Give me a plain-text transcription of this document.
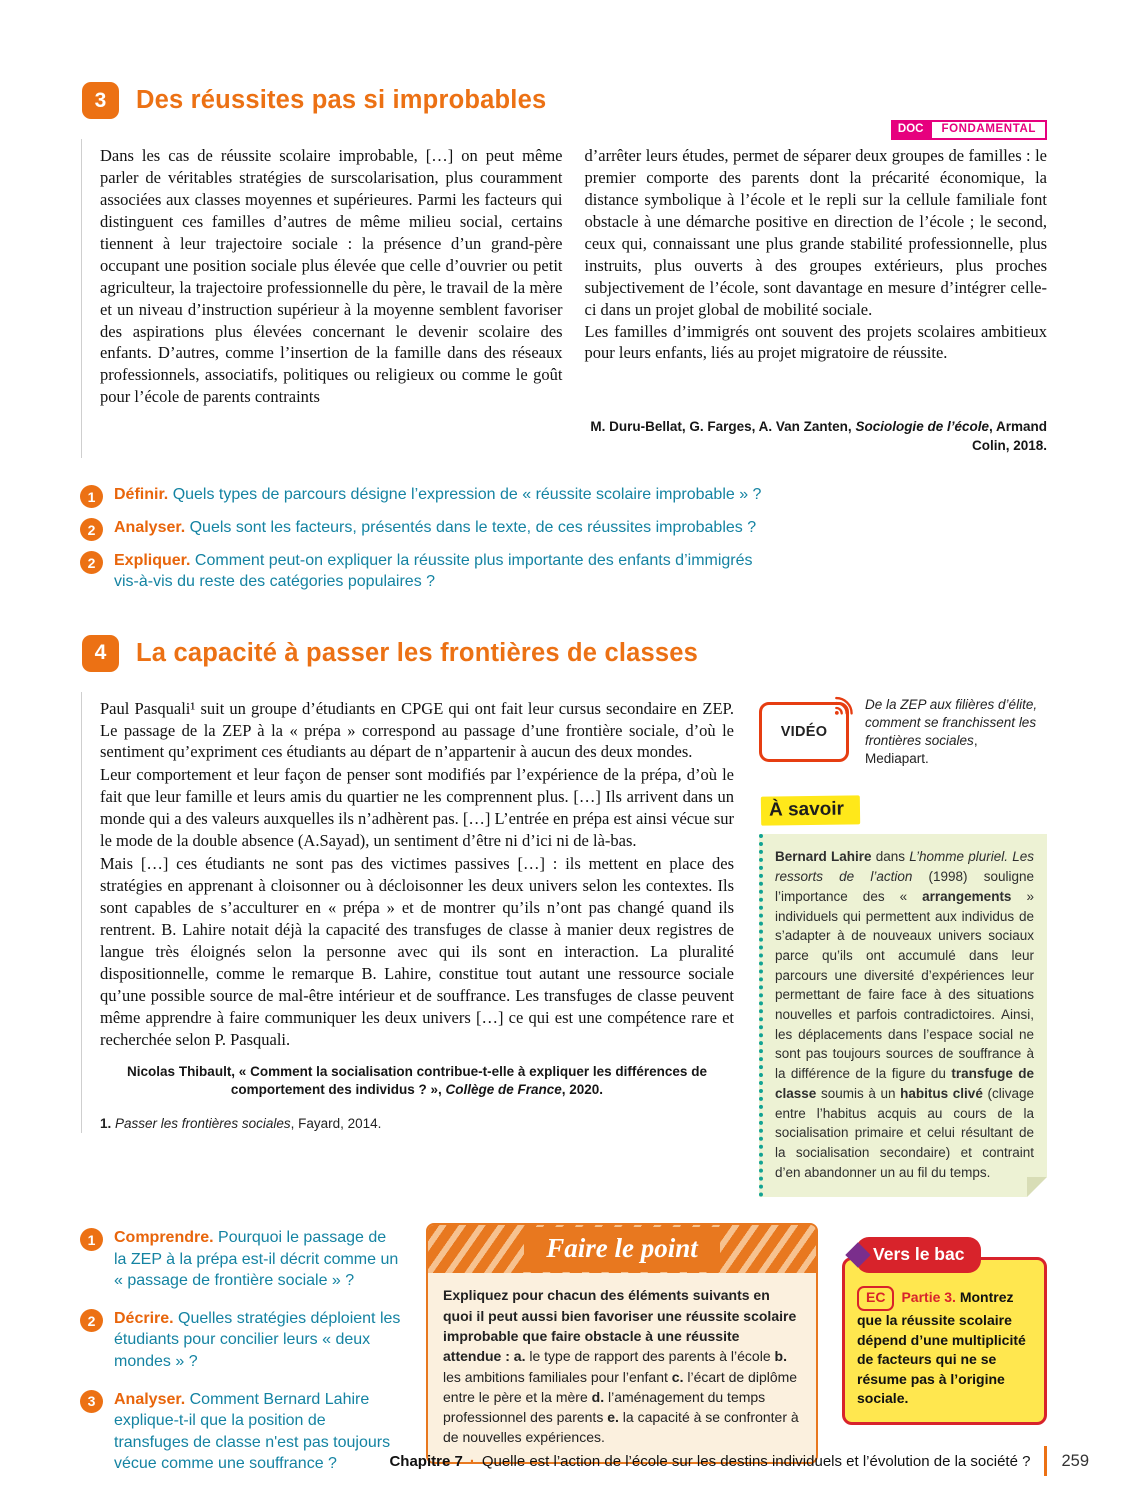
3	Des réussites pas si improbables
DOC	FONDAMENTAL

Dans les cas de réussite scolaire improbable, […] on peut même parler de véritables stratégies de surscolarisation, plus couramment associées aux classes moyennes et supérieures. Parmi les facteurs qui distinguent ces familles d’autres de même milieu social, certains tiennent à leur trajectoire sociale : la présence d’un grand-père occupant une position sociale plus élevée que celle d’ouvrier ou petit agriculteur, la trajectoire professionnelle du père, le travail de la mère et un niveau d’instruction supérieur à la moyenne semblent favoriser des aspirations plus élevées concernant le devenir scolaire des enfants. D’autres, comme l’insertion de la famille dans des réseaux professionnels, associatifs, politiques ou religieux ou comme le goût pour l’école de parents contraints

d’arrêter leurs études, permet de séparer deux groupes de familles : le premier comporte des parents dont la précarité économique, la distance symbolique à l’école et le repli sur la cellule familiale font obstacle à une démarche positive en direction de l’école ; le second, ceux qui, connaissant une plus grande stabilité professionnelle, plus instruits, plus ouverts à des groupes extérieurs, plus proches subjectivement de l’école, sont davantage en mesure d’intégrer celle-ci dans un projet global de mobilité sociale.

Les familles d’immigrés ont souvent des projets scolaires ambitieux pour leurs enfants, liés au projet migratoire de réussite.

M. Duru-Bellat, G. Farges, A. Van Zanten, Sociologie de l’école, Armand Colin, 2018.
1	Définir. Quels types de parcours désigne l’expression de « réussite scolaire improbable » ?
2	Analyser. Quels sont les facteurs, présentés dans le texte, de ces réussites improbables ?
2	Expliquer. Comment peut-on expliquer la réussite plus importante des enfants d’immigrés vis-à-vis du reste des catégories populaires ?
4	La capacité à passer les frontières de classes

Paul Pasquali¹ suit un groupe d’étudiants en CPGE qui ont fait leur cursus secondaire en ZEP. Le passage de la ZEP à la « prépa » correspond au passage d’une frontière sociale, d’où le sentiment qu’expriment ces étudiants au départ de n’appartenir à aucun des deux mondes.

Leur comportement et leur façon de penser sont modifiés par l’expérience de la prépa, d’où le fait que leur famille et leurs amis du quartier ne les comprennent plus. […] Ils arrivent dans un monde qui a des valeurs auxquelles ils n’adhèrent pas. […] L’entrée en prépa est ainsi vécue sur le mode de la double absence (A.Sayad), un sentiment d’être ni d’ici ni de là-bas.

Mais […] ces étudiants ne sont pas des victimes passives […] : ils mettent en place des stratégies en apprenant à cloisonner ou à décloisonner les deux univers selon les contextes. Ils sont capables de s’acculturer en « prépa » et de montrer qu’ils n’ont pas changé quand ils rentrent. B. Lahire notait déjà la capacité des transfuges de classe à manier deux registres de langue très éloignés selon la personne avec qui ils sont en interaction. La pluralité dispositionnelle, comme le remarque B. Lahire, constitue tout autant une ressource sociale qu’une possible source de mal-être intérieur et de souffrance. Les transfuges de classe peuvent même apprendre à faire communiquer les deux univers […] ce qui est une compétence rare et recherchée selon P. Pasquali.

Nicolas Thibault, « Comment la socialisation contribue-t-elle à expliquer les différences de comportement des individus ? », Collège de France, 2020.
1. Passer les frontières sociales, Fayard, 2014.
VIDÉO
De la ZEP aux filières d’élite, comment se franchissent les frontières sociales, Mediapart.
À savoir
Bernard Lahire dans L’homme pluriel. Les ressorts de l’action (1998) souligne l’importance des « arrangements » individuels qui permettent aux individus de s’adapter à de nouveaux univers sociaux parce qu’ils ont accumulé dans leur parcours une diversité d’expériences leur permettant de faire face à des situations nouvelles et parfois contradictoires. Ainsi, les déplacements dans l’espace social ne sont pas toujours sources de souffrance à la différence de la figure du transfuge de classe soumis à un habitus clivé (clivage entre l’habitus acquis au cours de la socialisation primaire et celui résultant de la socialisation secondaire) et contraint d’en abandonner un au fil du temps.
1	Comprendre. Pourquoi le passage de la ZEP à la prépa est-il décrit comme un « passage de frontière sociale » ?
2	Décrire. Quelles stratégies déploient les étudiants pour concilier leurs « deux mondes » ?
3	Analyser. Comment Bernard Lahire explique-t-il que la position de transfuges de classe n'est pas toujours vécue comme une souffrance ?
Faire le point
Expliquez pour chacun des éléments suivants en quoi il peut aussi bien favoriser une réussite scolaire improbable que faire obstacle à une réussite attendue : a. le type de rapport des parents à l’école b. les ambitions familiales pour l’enfant c. l’écart de diplôme entre le père et la mère d. l’aménagement du temps professionnel des parents e. la capacité à se confronter à de nouvelles expériences.
Vers le bac
EC Partie 3. Montrez que la réussite scolaire dépend d’une multiplicité de facteurs qui ne se résume pas à l’origine sociale.
Chapitre 7 · Quelle est l’action de l’école sur les destins individuels et l’évolution de la société ? 259
